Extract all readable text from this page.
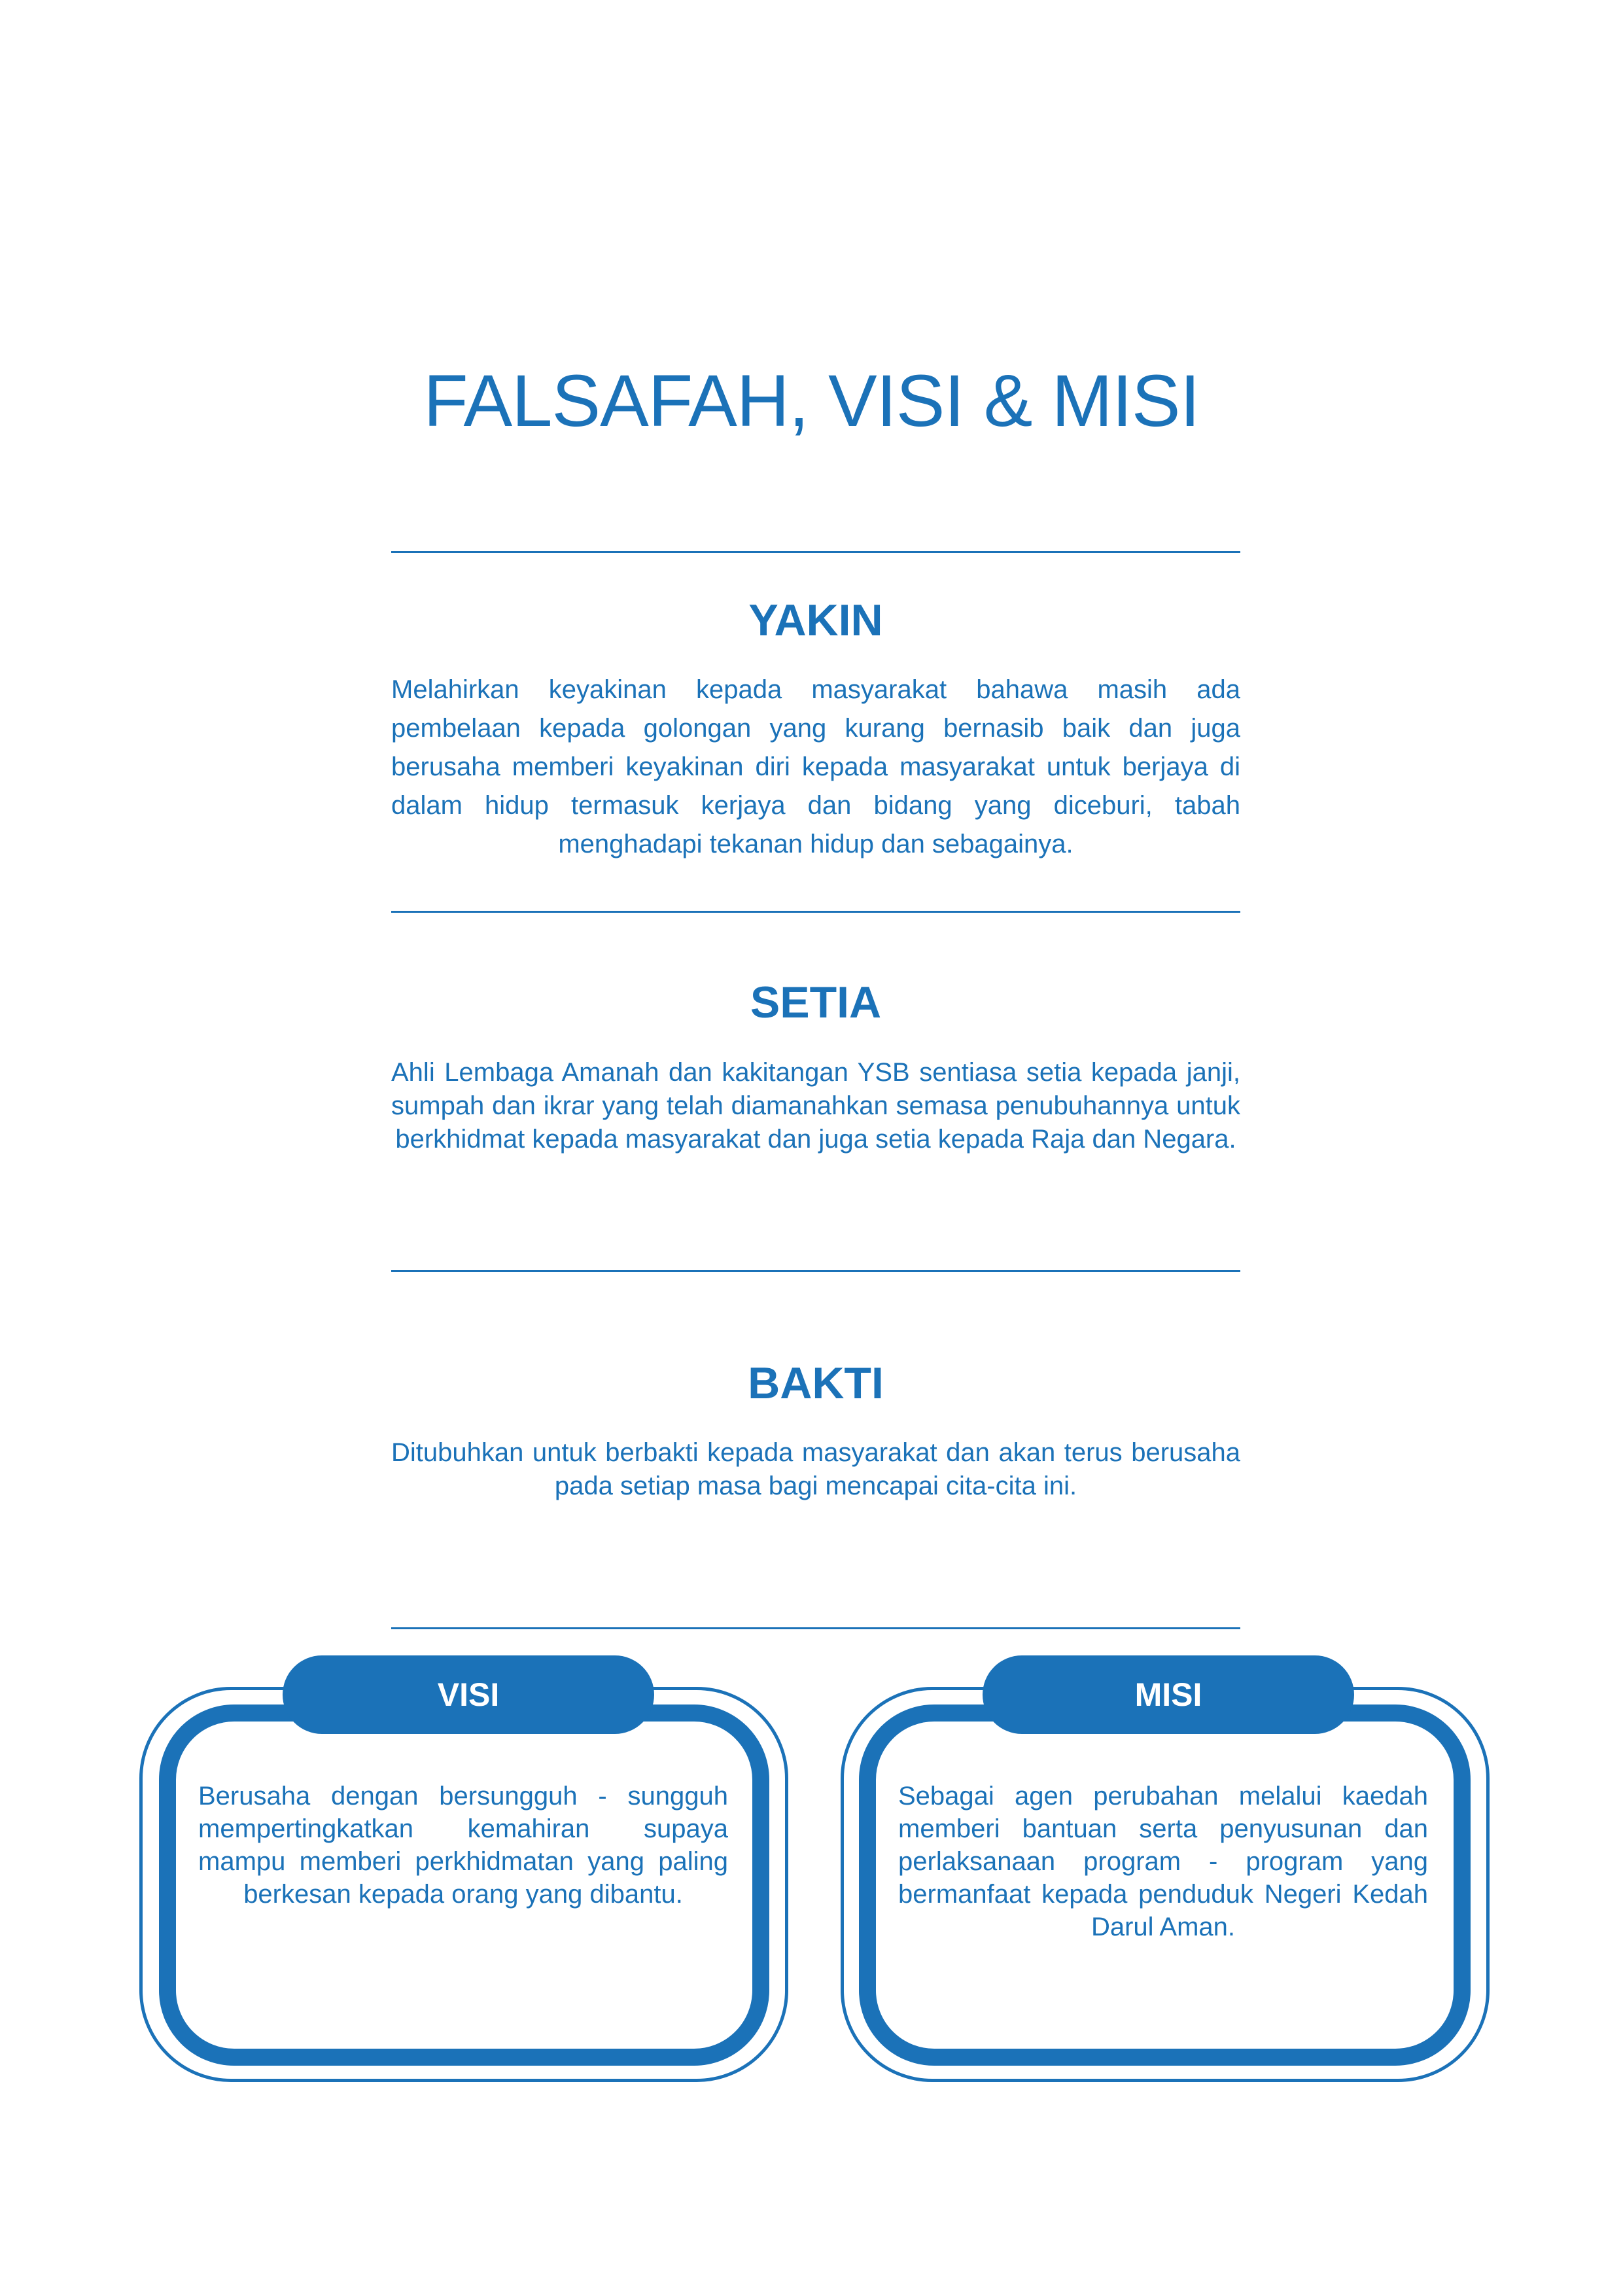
FALSAFAH, VISI & MISI
YAKIN

Melahirkan keyakinan kepada masyarakat bahawa masih ada pembelaan kepada golongan yang kurang bernasib baik dan juga berusaha memberi keyakinan diri kepada masyarakat untuk berjaya di dalam hidup termasuk kerjaya dan bidang yang diceburi, tabah menghadapi tekanan hidup dan sebagainya.

SETIA

Ahli Lembaga Amanah dan kakitangan YSB sentiasa setia kepada janji, sumpah dan ikrar yang telah diamanahkan semasa penubuhannya untuk berkhidmat kepada masyarakat dan juga setia kepada Raja dan Negara.

BAKTI

Ditubuhkan untuk berbakti kepada masyarakat dan akan terus berusaha pada setiap masa bagi mencapai cita-cita ini.

VISI

Berusaha dengan bersungguh - sungguh mempertingkatkan kemahiran supaya mampu memberi perkhidmatan yang paling berkesan kepada orang yang dibantu.

MISI

Sebagai agen perubahan melalui kaedah memberi bantuan serta penyusunan dan perlaksanaan program - program yang bermanfaat kepada penduduk Negeri Kedah Darul Aman.
